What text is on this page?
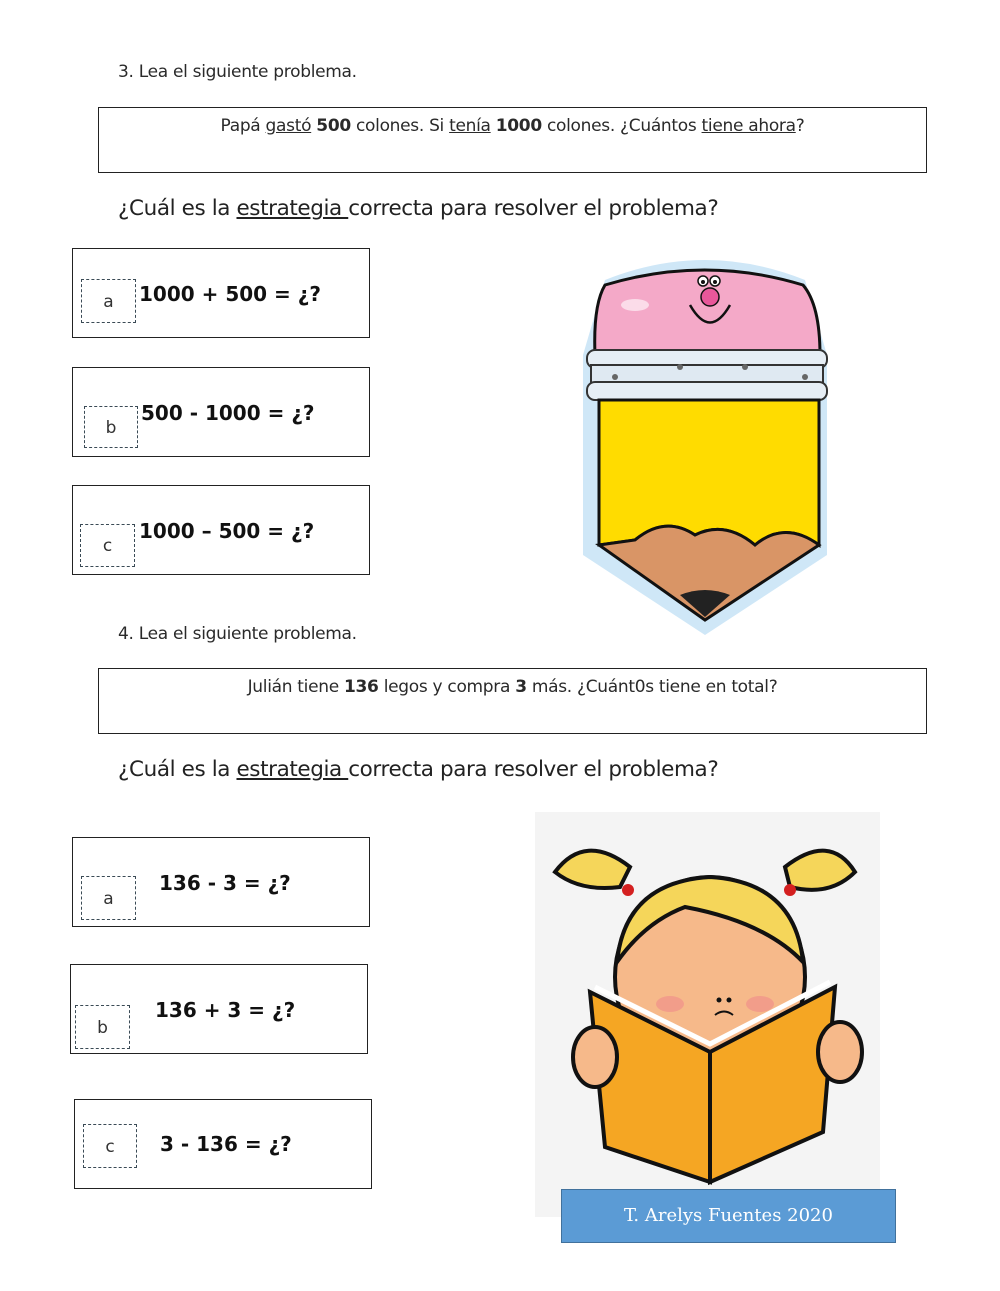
3. Lea el siguiente problema.
Papá gastó 500 colones. Si tenía 1000 colones. ¿Cuántos tiene ahora?
¿Cuál es la estrategia correcta para resolver el problema?
a	1000 + 500 = ¿?
b
500 - 1000 = ¿?
c
1000 – 500 = ¿?
4. Lea el siguiente problema.
Julián tiene 136 legos y compra 3 más. ¿Cuánt0s tiene en total?
¿Cuál es la estrategia correcta para resolver el problema?
a
136 - 3 = ¿?
b
136 + 3 = ¿?
c	3 - 136 = ¿?
T. Arelys Fuentes 2020
